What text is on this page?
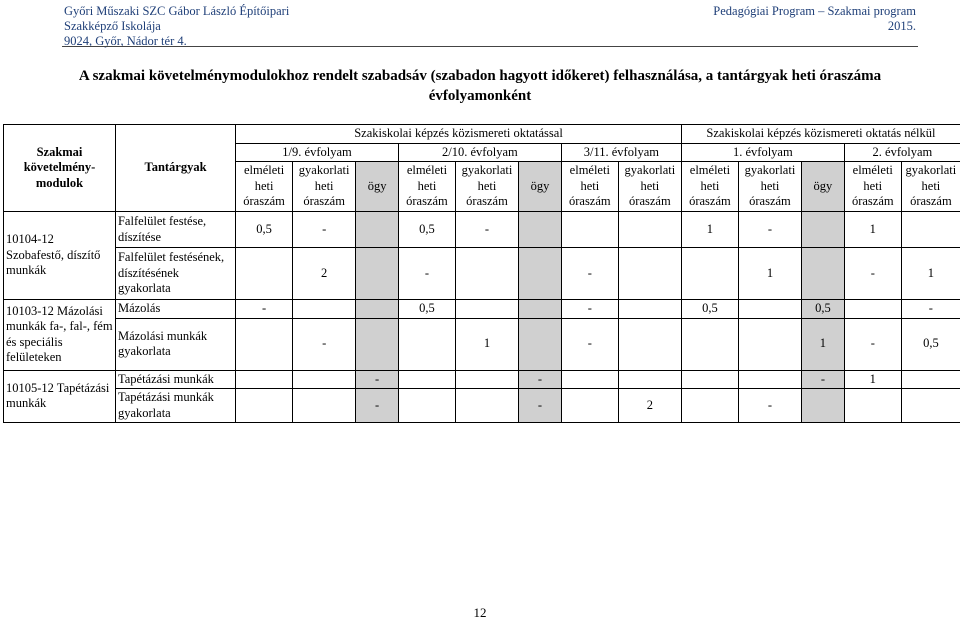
Győri Műszaki SZC Gábor László Építőipari
Szakképző Iskolája
9024, Győr, Nádor tér 4.
Pedagógiai Program – Szakmai program
2015.
A szakmai követelménymodulokhoz rendelt szabadsáv (szabadon hagyott időkeret) felhasználása, a tantárgyak heti óraszáma évfolyamonként
Szakmai követelmény-modulok	Tantárgyak	Szakiskolai képzés közismereti oktatással								Szakiskolai képzés közismereti oktatás nélkül				
		1/9. évfolyam			2/10. évfolyam			3/11. évfolyam		1. évfolyam			2. évfolyam	
		elméleti heti óraszám	gyakorlati heti óraszám	ögy	elméleti heti óraszám	gyakorlati heti óraszám	ögy	elméleti heti óraszám	gyakorlati heti óraszám	elméleti heti óraszám	gyakorlati heti óraszám	ögy	elméleti heti óraszám	gyakorlati heti óraszám
10104-12 Szobafestő, díszítő munkák	Falfelület festése, díszítése	0,5	-		0,5	-				1	-		1	
	Falfelület festésének, díszítésének gyakorlata		2		-			-			1		-	1
10103-12 Mázolási munkák fa-, fal-, fém és speciális felületeken	Mázolás	-			0,5			-		0,5		0,5		-
	Mázolási munkák gyakorlata		-			1		-				1	-	0,5
10105-12 Tapétázási munkák	Tapétázási munkák			-			-					-	1	
	Tapétázási munkák gyakorlata			-			-		2		-			
12
